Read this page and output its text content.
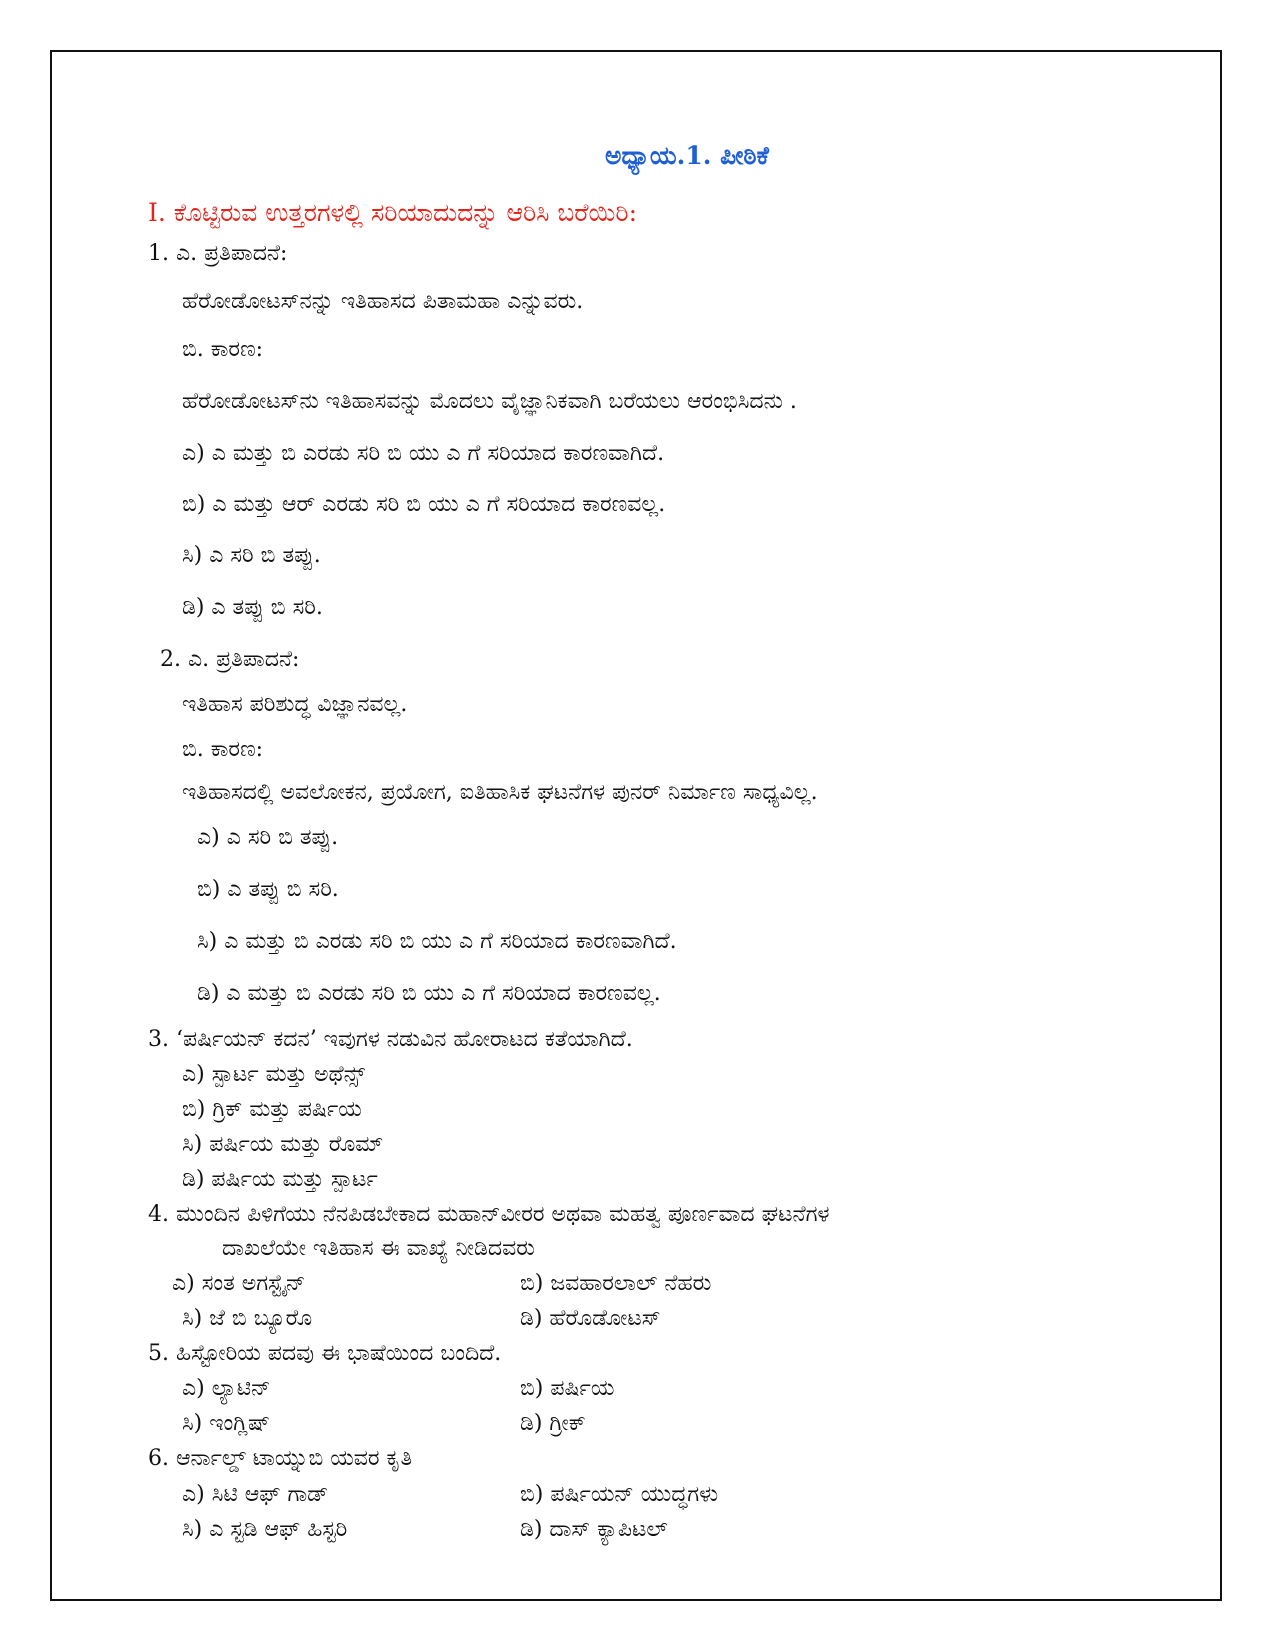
ಅಧ್ಯಾಯ.1. ಪೀಠಿಕೆ
I. ಕೊಟ್ಟಿರುವ ಉತ್ತರಗಳಲ್ಲಿ ಸರಿಯಾದುದನ್ನು ಆರಿಸಿ ಬರೆಯಿರಿ:
1. ಎ. ಪ್ರತಿಪಾದನೆ:
ಹೆರೋಡೋಟಸ್‌ನನ್ನು ಇತಿಹಾಸದ ಪಿತಾಮಹಾ ಎನ್ನುವರು.
ಬಿ. ಕಾರಣ:
ಹೆರೋಡೋಟಸ್‌ನು ಇತಿಹಾಸವನ್ನು ಮೊದಲು ವೈಜ್ಞಾನಿಕವಾಗಿ ಬರೆಯಲು ಆರಂಭಿಸಿದನು .
ಎ) ಎ ಮತ್ತು ಬಿ ಎರಡು ಸರಿ ಬಿ ಯು ಎ ಗೆ ಸರಿಯಾದ ಕಾರಣವಾಗಿದೆ.
ಬಿ) ಎ ಮತ್ತು ಆರ್ ಎರಡು ಸರಿ ಬಿ ಯು ಎ ಗೆ ಸರಿಯಾದ ಕಾರಣವಲ್ಲ.
ಸಿ) ಎ ಸರಿ ಬಿ ತಪ್ಪು.
ಡಿ) ಎ ತಪ್ಪು ಬಿ ಸರಿ.
2. ಎ. ಪ್ರತಿಪಾದನೆ:
ಇತಿಹಾಸ ಪರಿಶುದ್ಧ ವಿಜ್ಞಾನವಲ್ಲ.
ಬಿ. ಕಾರಣ:
ಇತಿಹಾಸದಲ್ಲಿ ಅವಲೋಕನ, ಪ್ರಯೋಗ, ಐತಿಹಾಸಿಕ ಘಟನೆಗಳ ಪುನರ್ ನಿರ್ಮಾಣ ಸಾಧ್ಯವಿಲ್ಲ.
ಎ) ಎ ಸರಿ ಬಿ ತಪ್ಪು.
ಬಿ) ಎ ತಪ್ಪು ಬಿ ಸರಿ.
ಸಿ) ಎ ಮತ್ತು ಬಿ ಎರಡು ಸರಿ ಬಿ ಯು ಎ ಗೆ ಸರಿಯಾದ ಕಾರಣವಾಗಿದೆ.
ಡಿ) ಎ ಮತ್ತು ಬಿ ಎರಡು ಸರಿ ಬಿ ಯು ಎ ಗೆ ಸರಿಯಾದ ಕಾರಣವಲ್ಲ.
3. ‘ಪರ್ಷಿಯನ್ ಕದನ’ ಇವುಗಳ ನಡುವಿನ ಹೋರಾಟದ ಕತೆಯಾಗಿದೆ.
ಎ) ಸ್ಪಾರ್ಟ ಮತ್ತು ಅಥೆನ್ಸ್
ಬಿ) ಗ್ರಿಕ್ ಮತ್ತು ಪರ್ಷಿಯ
ಸಿ) ಪರ್ಷಿಯ ಮತ್ತು ರೊಮ್
ಡಿ) ಪರ್ಷಿಯ ಮತ್ತು ಸ್ಪಾರ್ಟ
4. ಮುಂದಿನ ಪಿಳಿಗೆಯು ನೆನಪಿಡಬೇಕಾದ ಮಹಾನ್‌ವೀರರ ಅಥವಾ ಮಹತ್ವ ಪೂರ್ಣವಾದ ಘಟನೆಗಳ
ದಾಖಲೆಯೇ ಇತಿಹಾಸ ಈ ವಾಖ್ಯೆ ನೀಡಿದವರು
ಎ) ಸಂತ ಅಗಸ್ಟೈನ್	ಬಿ) ಜವಹಾರಲಾಲ್ ನೆಹರು
ಸಿ) ಜೆ ಬಿ ಬ್ಯೂರೊ	ಡಿ) ಹೆರೊಡೋಟಸ್
5. ಹಿಸ್ಟೋರಿಯ ಪದವು ಈ ಭಾಷೆಯಿಂದ ಬಂದಿದೆ.
ಎ) ಲ್ಯಾಟಿನ್	ಬಿ) ಪರ್ಷಿಯ
ಸಿ) ಇಂಗ್ಲಿಷ್	ಡಿ) ಗ್ರೀಕ್
6. ಆರ್ನಾಲ್ಡ್ ಟಾಯ್ನುಬಿ ಯವರ ಕೃತಿ
ಎ) ಸಿಟಿ ಆಫ್ ಗಾಡ್	ಬಿ) ಪರ್ಷಿಯನ್ ಯುದ್ಧಗಳು
ಸಿ) ಎ ಸ್ಟಡಿ ಆಫ್ ಹಿಸ್ಟರಿ	ಡಿ) ದಾಸ್ ಕ್ಯಾಪಿಟಲ್
